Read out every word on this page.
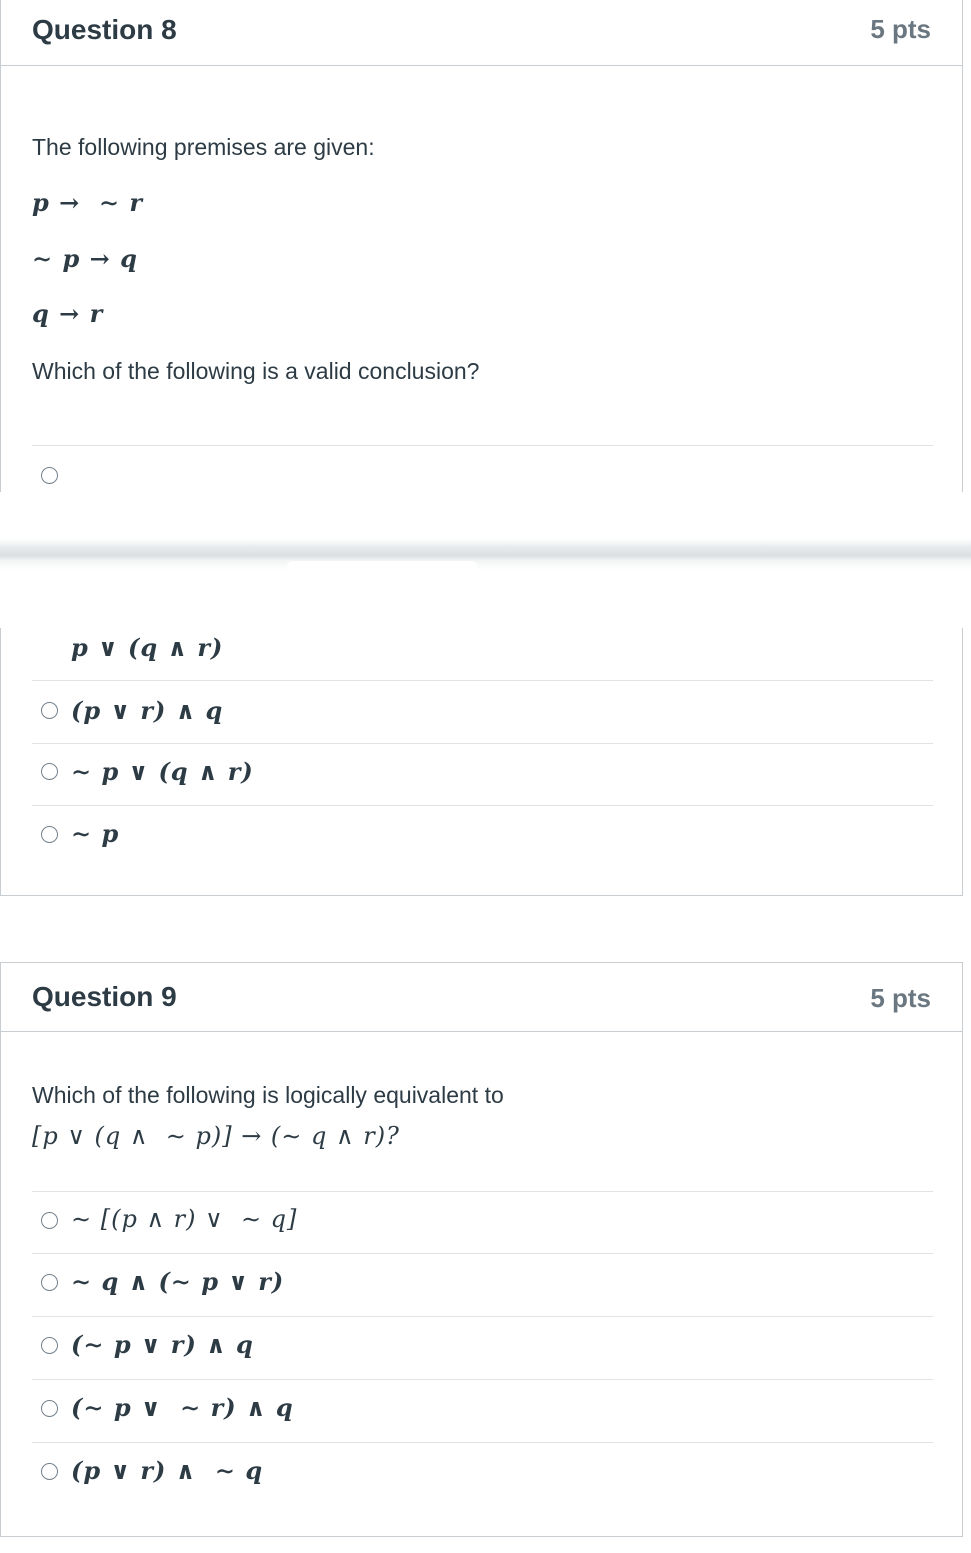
Question 8	5 pts
The following premises are given:
p →  ∼ r
∼ p → q
q → r
Which of the following is a valid conclusion?
p ∨ (q ∧ r)
(p ∨ r) ∧ q
∼ p ∨ (q ∧ r)
∼ p
Question 9	5 pts
Which of the following is logically equivalent to
[p ∨ (q ∧  ∼ p)] → (∼ q ∧ r)?
∼ [(p ∧ r) ∨  ∼ q]
∼ q ∧ (∼ p ∨ r)
(∼ p ∨ r) ∧ q
(∼ p ∨  ∼ r) ∧ q
(p ∨ r) ∧  ∼ q
